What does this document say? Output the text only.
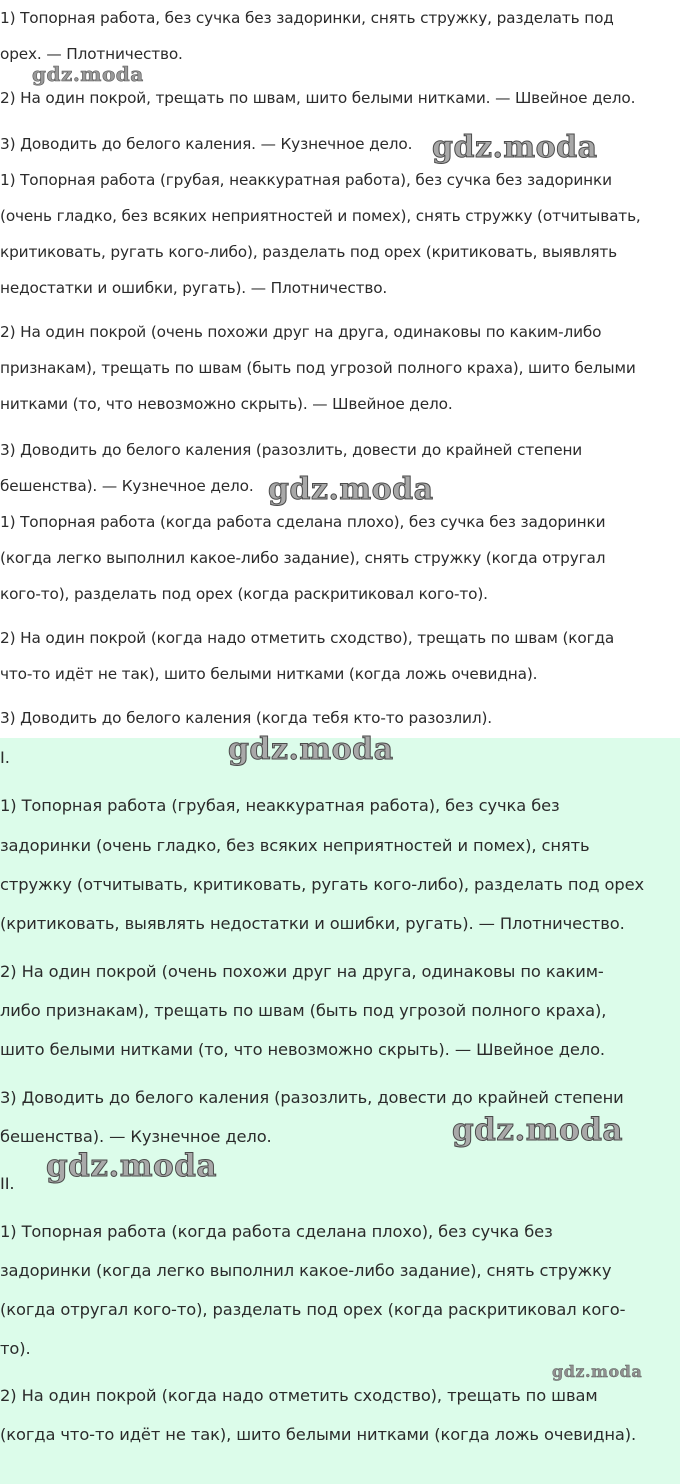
1) Топорная работа, без сучка без задоринки, снять стружку, разделать под

орех. — Плотничество.

2) На один покрой, трещать по швам, шито белыми нитками. — Швейное дело.

3) Доводить до белого каления. — Кузнечное дело.

1) Топорная работа (грубая, неаккуратная работа), без сучка без задоринки

(очень гладко, без всяких неприятностей и помех), снять стружку (отчитывать,

критиковать, ругать кого-либо), разделать под орех (критиковать, выявлять

недостатки и ошибки, ругать). — Плотничество.

2) На один покрой (очень похожи друг на друга, одинаковы по каким-либо

признакам), трещать по швам (быть под угрозой полного краха), шито белыми

нитками (то, что невозможно скрыть). — Швейное дело.

3) Доводить до белого каления (разозлить, довести до крайней степени

бешенства). — Кузнечное дело.

1) Топорная работа (когда работа сделана плохо), без сучка без задоринки

(когда легко выполнил какое-либо задание), снять стружку (когда отругал

кого-то), разделать под орех (когда раскритиковал кого-то).

2) На один покрой (когда надо отметить сходство), трещать по швам (когда

что-то идёт не так), шито белыми нитками (когда ложь очевидна).

3) Доводить до белого каления (когда тебя кто-то разозлил).

gdz.moda
gdz.moda
gdz.moda

I.

1) Топорная работа (грубая, неаккуратная работа), без сучка без

задоринки (очень гладко, без всяких неприятностей и помех), снять

стружку (отчитывать, критиковать, ругать кого-либо), разделать под орех

(критиковать, выявлять недостатки и ошибки, ругать). — Плотничество.

2) На один покрой (очень похожи друг на друга, одинаковы по каким-

либо признакам), трещать по швам (быть под угрозой полного краха),

шито белыми нитками (то, что невозможно скрыть). — Швейное дело.

3) Доводить до белого каления (разозлить, довести до крайней степени

бешенства). — Кузнечное дело.

II.

1) Топорная работа (когда работа сделана плохо), без сучка без

задоринки (когда легко выполнил какое-либо задание), снять стружку

(когда отругал кого-то), разделать под орех (когда раскритиковал кого-

то).

2) На один покрой (когда надо отметить сходство), трещать по швам

(когда что-то идёт не так), шито белыми нитками (когда ложь очевидна).

gdz.moda
gdz.moda
gdz.moda
gdz.moda
